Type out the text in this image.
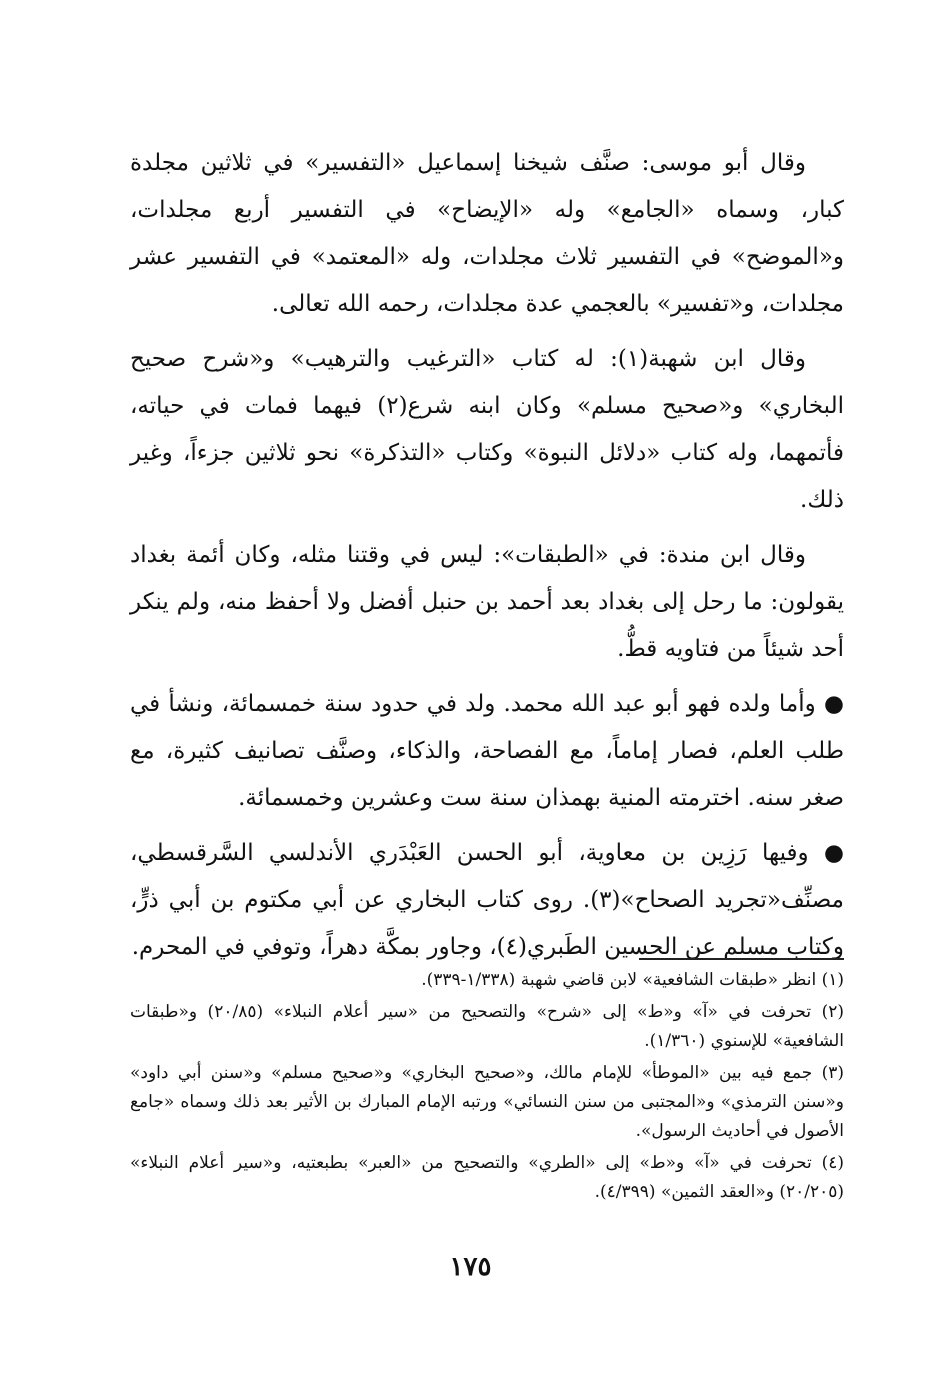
وقال أبو موسى: صنَّف شيخنا إسماعيل «التفسير» في ثلاثين مجلدة كبار، وسماه «الجامع» وله «الإيضاح» في التفسير أربع مجلدات، و«الموضح» في التفسير ثلاث مجلدات، وله «المعتمد» في التفسير عشر مجلدات، و«تفسير» بالعجمي عدة مجلدات، رحمه الله تعالى.

وقال ابن شهبة(١): له كتاب «الترغيب والترهيب» و«شرح صحيح البخاري» و«صحيح مسلم» وكان ابنه شرع(٢) فيهما فمات في حياته، فأتمهما، وله كتاب «دلائل النبوة» وكتاب «التذكرة» نحو ثلاثين جزءاً، وغير ذلك.

وقال ابن مندة: في «الطبقات»: ليس في وقتنا مثله، وكان أئمة بغداد يقولون: ما رحل إلى بغداد بعد أحمد بن حنبل أفضل ولا أحفظ منه، ولم ينكر أحد شيئاً من فتاويه قطُّ.

● وأما ولده فهو أبو عبد الله محمد. ولد في حدود سنة خمسمائة، ونشأ في طلب العلم، فصار إماماً، مع الفصاحة، والذكاء، وصنَّف تصانيف كثيرة، مع صغر سنه. اخترمته المنية بهمذان سنة ست وعشرين وخمسمائة.

● وفيها رَزِين بن معاوية، أبو الحسن العَبْدَري الأندلسي السَّرقسطي، مصنِّف«تجريد الصحاح»(٣). روى كتاب البخاري عن أبي مكتوم بن أبي ذرٍّ، وكتاب مسلم عن الحسين الطَبري(٤)، وجاور بمكَّة دهراً، وتوفي في المحرم.

(١) انظر «طبقات الشافعية» لابن قاضي شهبة (١/٣٣٨-٣٣٩).

(٢) تحرفت في «آ» و«ط» إلى «شرح» والتصحيح من «سير أعلام النبلاء» (٢٠/٨٥) و«طبقات الشافعية» للإسنوي (١/٣٦٠).

(٣) جمع فيه بين «الموطأ» للإمام مالك، و«صحيح البخاري» و«صحيح مسلم» و«سنن أبي داود» و«سنن الترمذي» و«المجتبى من سنن النسائي» ورتبه الإمام المبارك بن الأثير بعد ذلك وسماه «جامع الأصول في أحاديث الرسول».

(٤) تحرفت في «آ» و«ط» إلى «الطري» والتصحيح من «العبر» بطبعتيه، و«سير أعلام النبلاء» (٢٠/٢٠٥) و«العقد الثمين» (٤/٣٩٩).

١٧٥
